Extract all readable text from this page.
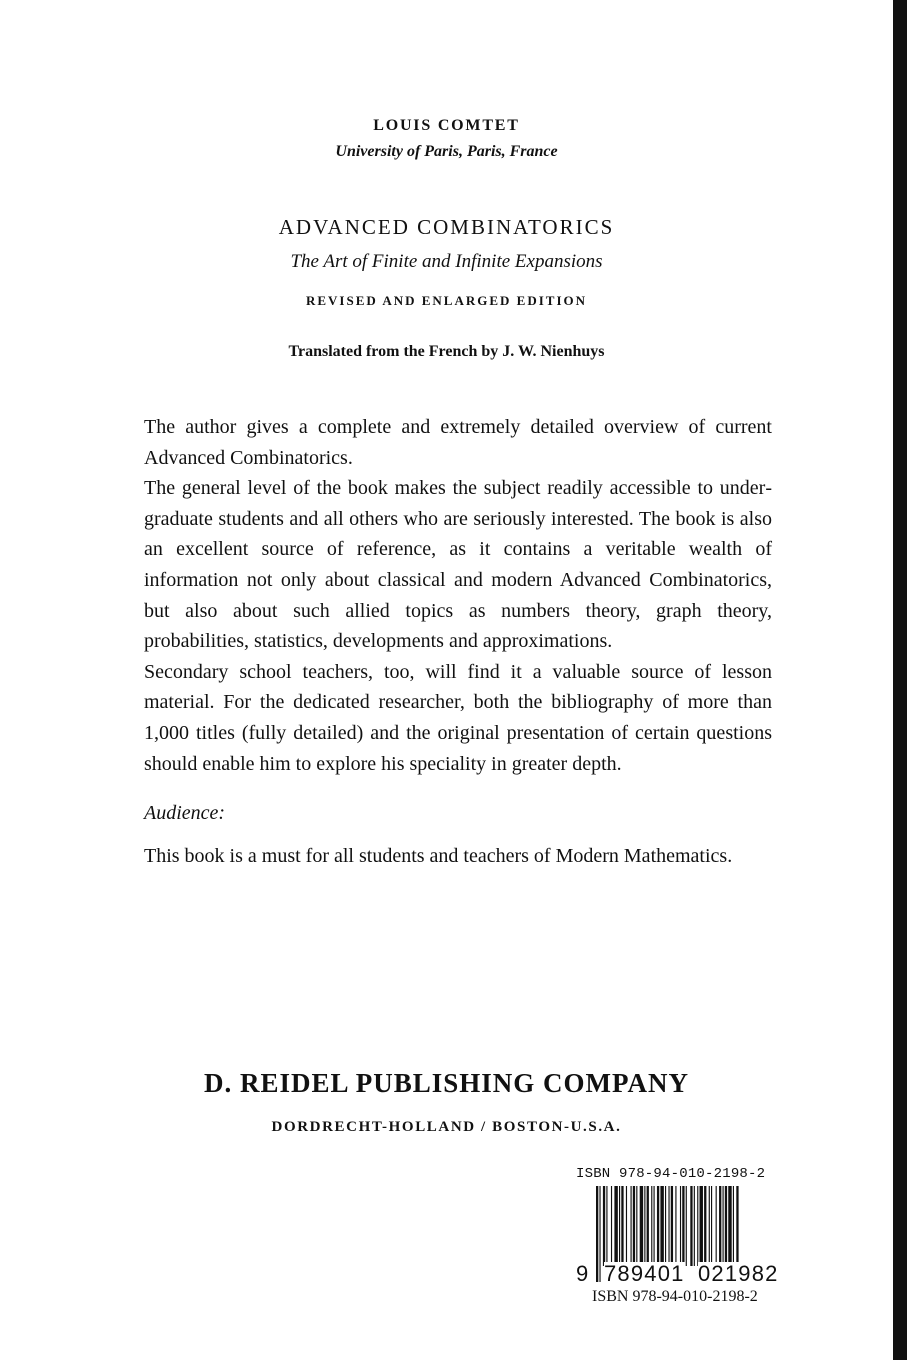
LOUIS COMTET
University of Paris, Paris, France
ADVANCED COMBINATORICS
The Art of Finite and Infinite Expansions
REVISED AND ENLARGED EDITION
Translated from the French by J. W. Nienhuys

The author gives a complete and extremely detailed overview of current Advanced Combinatorics.

The general level of the book makes the subject readily accessible to undergraduate students and all others who are seriously interested. The book is also an excellent source of reference, as it contains a veritable wealth of information not only about classical and modern Advanced Combinatorics, but also about such allied topics as numbers theory, graph theory, probabilities, statistics, developments and approximations.

Secondary school teachers, too, will find it a valuable source of lesson material. For the dedicated researcher, both the bibliography of more than 1,000 titles (fully detailed) and the original presentation of certain questions should enable him to explore his speciality in greater depth.

Audience:
This book is a must for all students and teachers of Modern Mathematics.
D. REIDEL PUBLISHING COMPANY
DORDRECHT-HOLLAND / BOSTON-U.S.A.
ISBN 978-94-010-2198-2
9 789401 021982
ISBN 978-94-010-2198-2
